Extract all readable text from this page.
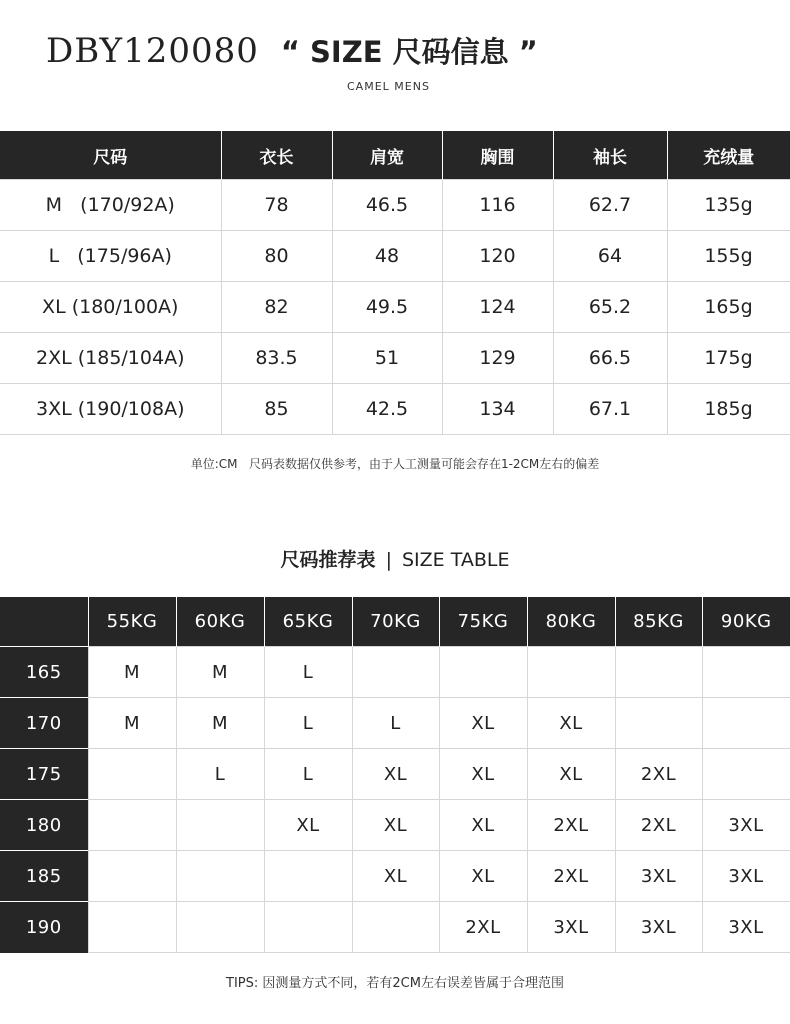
DBY120080 “ SIZE 尺码信息 ”
CAMEL MENS
尺码	衣长	肩宽	胸围	袖长	充绒量
M   (170/92A)	78	46.5	116	62.7	135g
L   (175/96A)	80	48	120	64	155g
XL (180/100A)	82	49.5	124	65.2	165g
2XL (185/104A)	83.5	51	129	66.5	175g
3XL (190/108A)	85	42.5	134	67.1	185g
单位:CM   尺码表数据仅供参考，由于人工测量可能会存在1-2CM左右的偏差
尺码推荐表 | SIZE TABLE
	55KG	60KG	65KG	70KG	75KG	80KG	85KG	90KG
165	M	M	L					
170	M	M	L	L	XL	XL		
175		L	L	XL	XL	XL	2XL	
180			XL	XL	XL	2XL	2XL	3XL
185				XL	XL	2XL	3XL	3XL
190					2XL	3XL	3XL	3XL
TIPS: 因测量方式不同，若有2CM左右误差皆属于合理范围
